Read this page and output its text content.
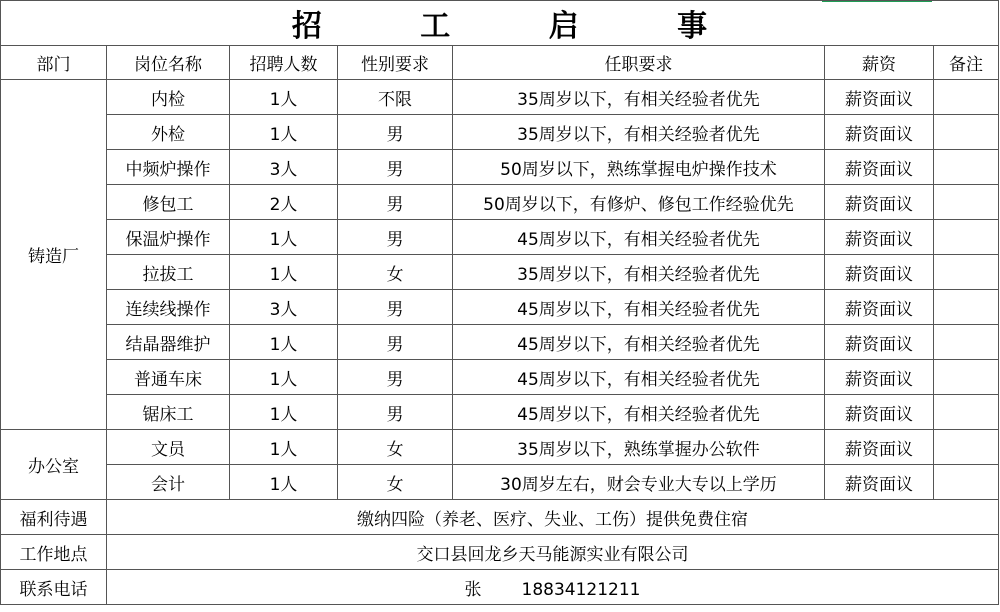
招 工 启 事						
部门	岗位名称	招聘人数	性别要求	任职要求	薪资	备注
铸造厂	内检	1人	不限	35周岁以下，有相关经验者优先	薪资面议	
	外检	1人	男	35周岁以下，有相关经验者优先	薪资面议	
	中频炉操作	3人	男	50周岁以下，熟练掌握电炉操作技术	薪资面议	
	修包工	2人	男	50周岁以下，有修炉、修包工作经验优先	薪资面议	
	保温炉操作	1人	男	45周岁以下，有相关经验者优先	薪资面议	
	拉拔工	1人	女	35周岁以下，有相关经验者优先	薪资面议	
	连续线操作	3人	男	45周岁以下，有相关经验者优先	薪资面议	
	结晶器维护	1人	男	45周岁以下，有相关经验者优先	薪资面议	
	普通车床	1人	男	45周岁以下，有相关经验者优先	薪资面议	
	锯床工	1人	男	45周岁以下，有相关经验者优先	薪资面议	
办公室	文员	1人	女	35周岁以下，熟练掌握办公软件	薪资面议	
	会计	1人	女	30周岁左右，财会专业大专以上学历	薪资面议	
福利待遇	缴纳四险（养老、医疗、失业、工伤）提供免费住宿					
工作地点	交口县回龙乡天马能源实业有限公司					
联系电话	张 18834121211					
